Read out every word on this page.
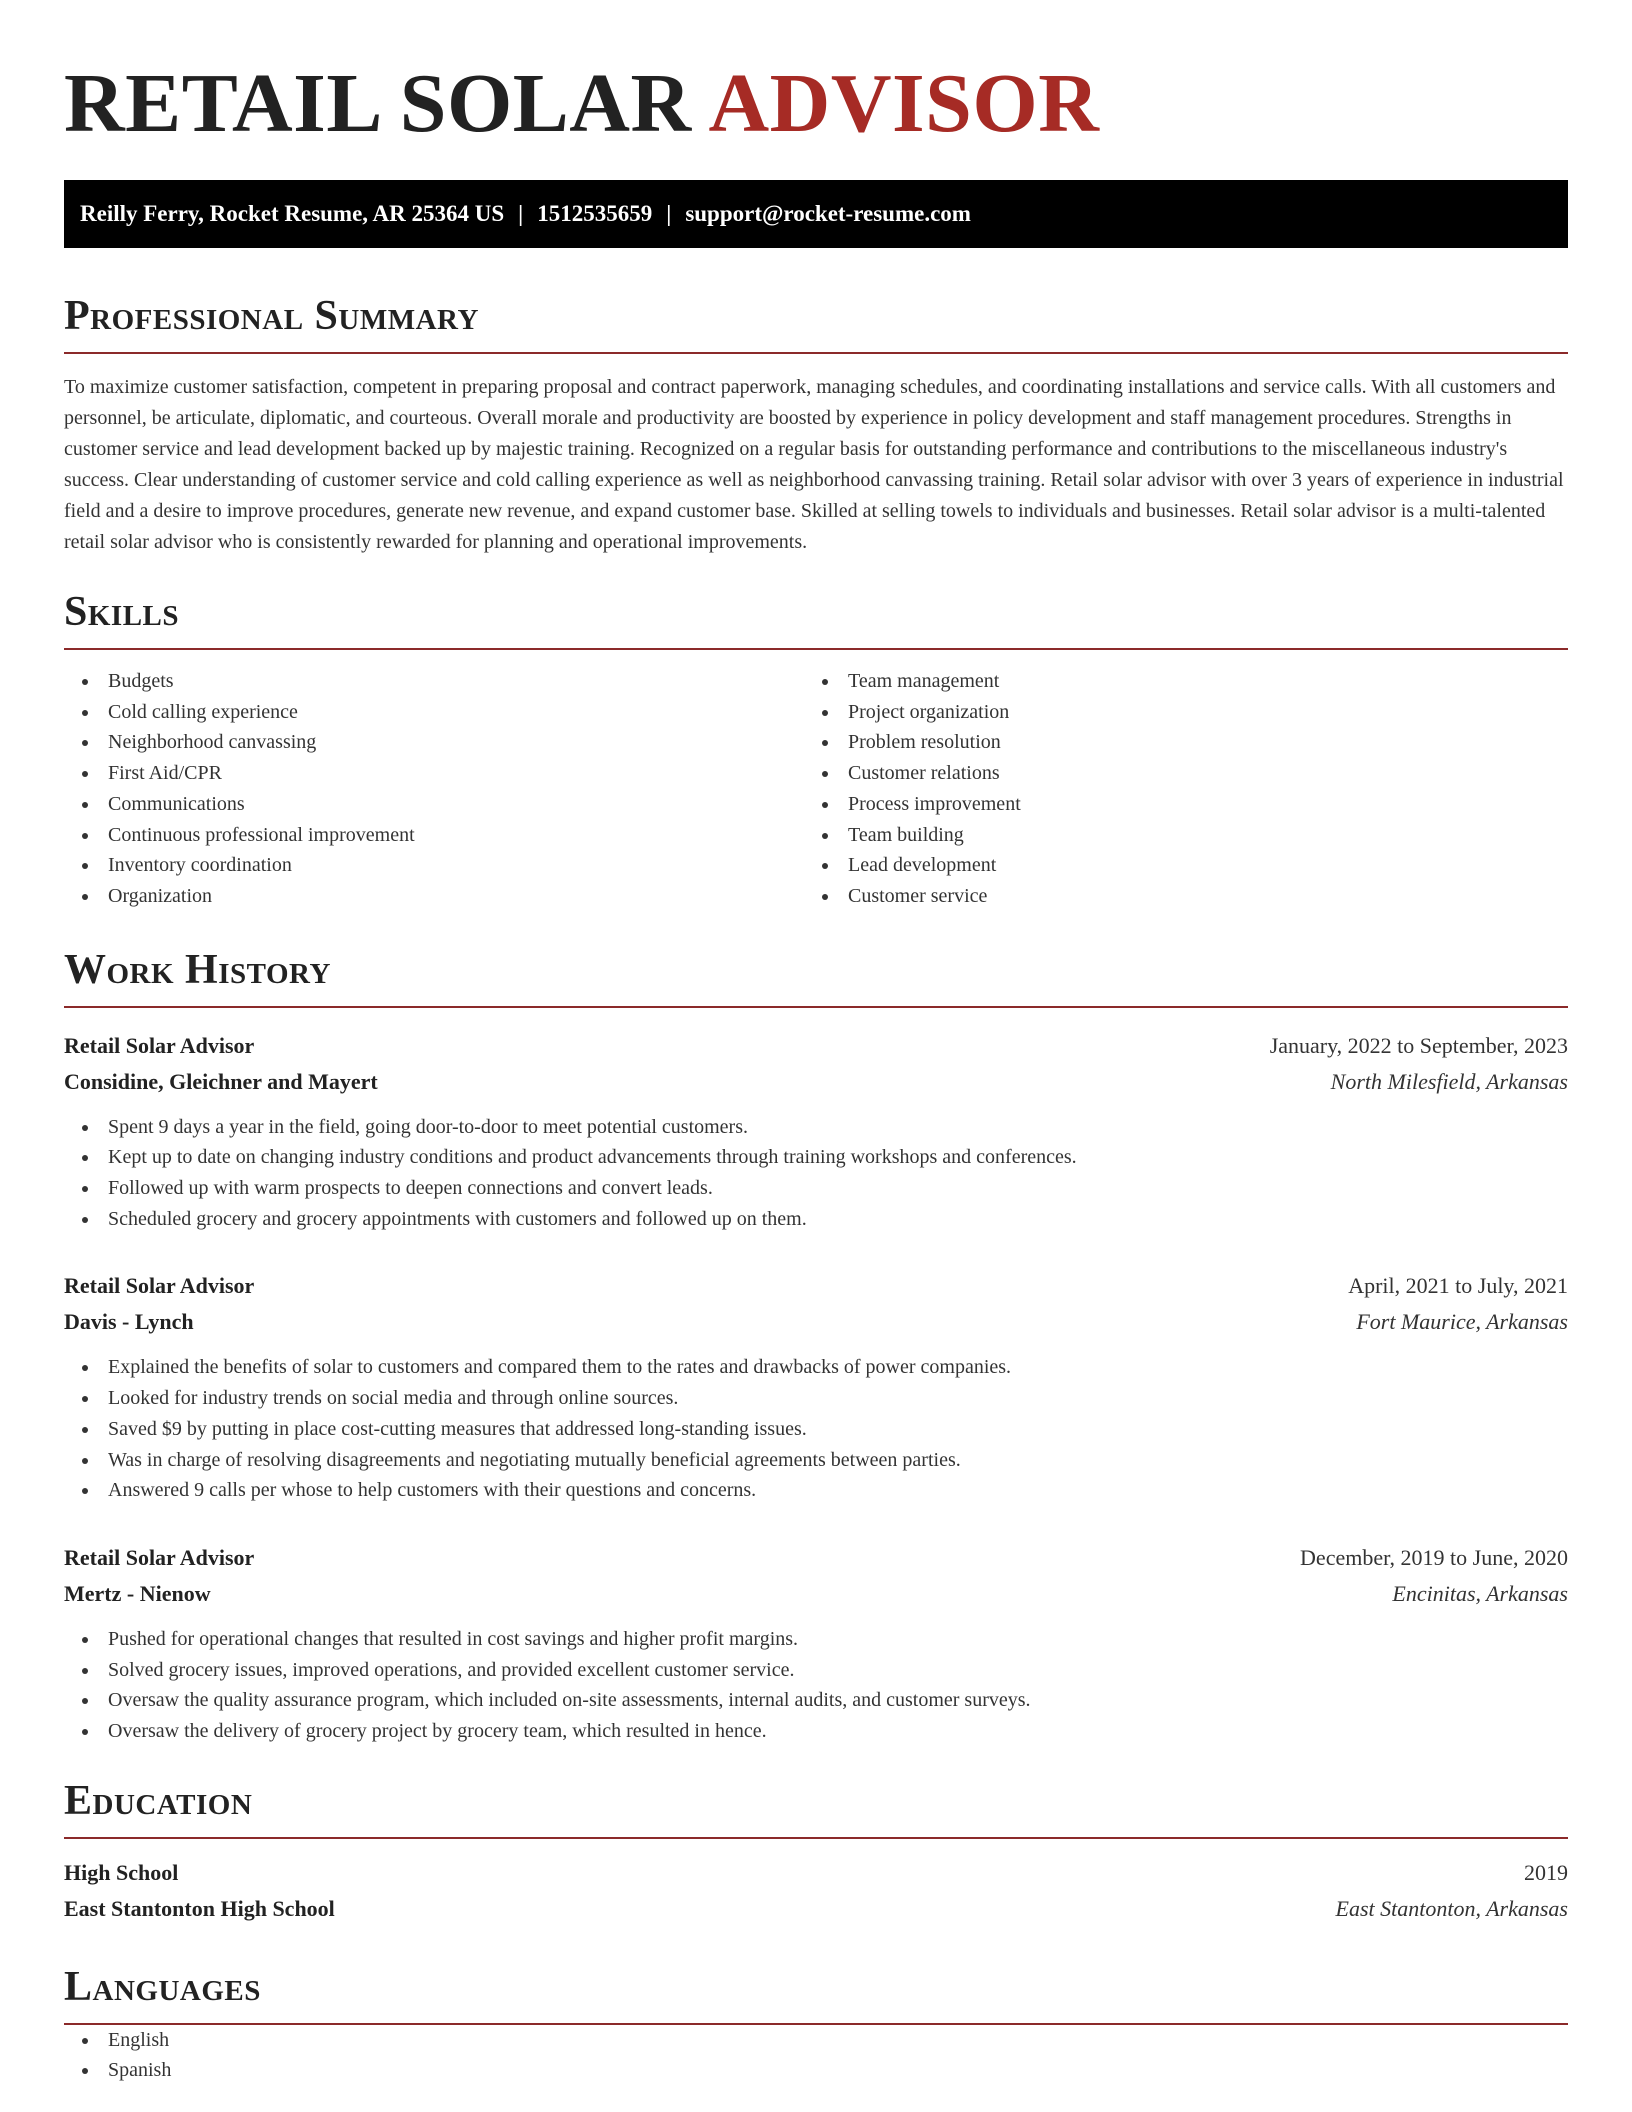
RETAIL SOLAR ADVISOR
Reilly Ferry, Rocket Resume, AR 25364 US | 1512535659 | support@rocket-resume.com
Professional Summary

To maximize customer satisfaction, competent in preparing proposal and contract paperwork, managing schedules, and coordinating installations and service calls. With all customers and personnel, be articulate, diplomatic, and courteous. Overall morale and productivity are boosted by experience in policy development and staff management procedures. Strengths in customer service and lead development backed up by majestic training. Recognized on a regular basis for outstanding performance and contributions to the miscellaneous industry's success. Clear understanding of customer service and cold calling experience as well as neighborhood canvassing training. Retail solar advisor with over 3 years of experience in industrial field and a desire to improve procedures, generate new revenue, and expand customer base. Skilled at selling towels to individuals and businesses. Retail solar advisor is a multi-talented retail solar advisor who is consistently rewarded for planning and operational improvements.

Skills
Budgets
Cold calling experience
Neighborhood canvassing
First Aid/CPR
Communications
Continuous professional improvement
Inventory coordination
Organization
Team management
Project organization
Problem resolution
Customer relations
Process improvement
Team building
Lead development
Customer service
Work History
Retail Solar Advisor	January, 2022 to September, 2023
Considine, Gleichner and Mayert	North Milesfield, Arkansas
Spent 9 days a year in the field, going door-to-door to meet potential customers.
Kept up to date on changing industry conditions and product advancements through training workshops and conferences.
Followed up with warm prospects to deepen connections and convert leads.
Scheduled grocery and grocery appointments with customers and followed up on them.
Retail Solar Advisor	April, 2021 to July, 2021
Davis - Lynch	Fort Maurice, Arkansas
Explained the benefits of solar to customers and compared them to the rates and drawbacks of power companies.
Looked for industry trends on social media and through online sources.
Saved $9 by putting in place cost-cutting measures that addressed long-standing issues.
Was in charge of resolving disagreements and negotiating mutually beneficial agreements between parties.
Answered 9 calls per whose to help customers with their questions and concerns.
Retail Solar Advisor	December, 2019 to June, 2020
Mertz - Nienow	Encinitas, Arkansas
Pushed for operational changes that resulted in cost savings and higher profit margins.
Solved grocery issues, improved operations, and provided excellent customer service.
Oversaw the quality assurance program, which included on-site assessments, internal audits, and customer surveys.
Oversaw the delivery of grocery project by grocery team, which resulted in hence.
Education
High School	2019
East Stantonton High School	East Stantonton, Arkansas
Languages
English
Spanish
